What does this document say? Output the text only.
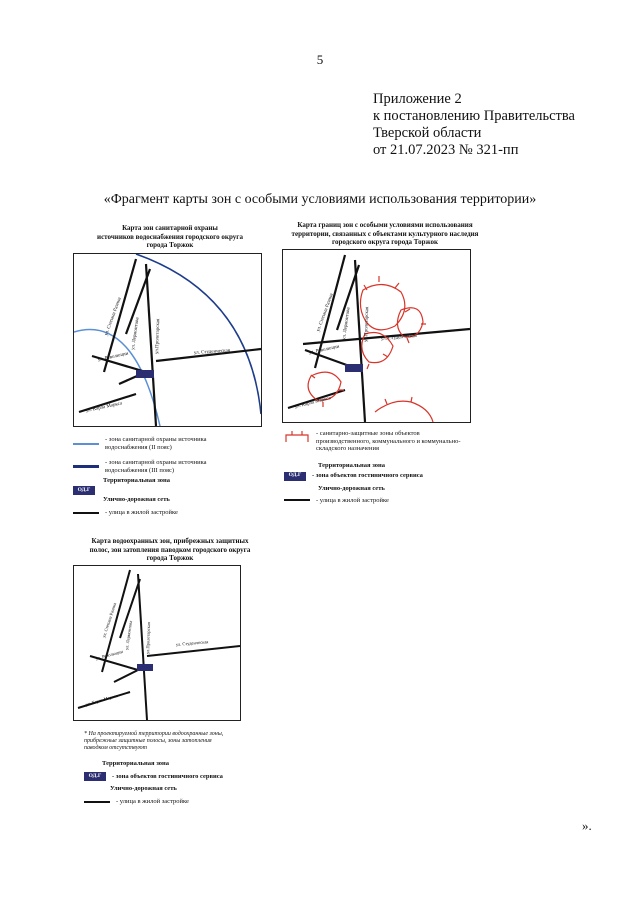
5
Приложение 2
к постановлению Правительства
Тверской области
от 21.07.2023 № 321-пп
«Фрагмент карты зон с особыми условиями использования территории»
Карта зон санитарной охраны
источников водоснабжения городского округа
города Торжок
ул. Степана Разина ул. Лермонтова	ул.Пролетарская	ул. Студенческая
ул. Революции
ул. Карла Маркса
- зона санитарной охраны источника
водоснабжения (II пояс)
- зона санитарной охраны источника
водоснабжения (III пояс)
Территориальная зона
ОД.Г
Улично-дорожная сеть
- улица в жилой застройке
Карта границ зон с особыми условиями использования
территории, связанных с объектами культурного наследия
городского округа города Торжок
ул. Степана Разина ул. Лермонтова ул.Пролетарская ул. Студенческая
ул. Революции
ул. Карла Маркса
- санитарно-защитные зоны объектов
производственного, коммунального и коммунально-
складского назначения
Территориальная зона
ОД.Г	- зона объектов гостиничного сервиса
Улично-дорожная сеть
- улица в жилой застройке
Карта водоохранных зон, прибрежных защитных
полос, зон затопления паводком городского округа
города Торжок
ул. Степана Разина ул. Лермонтова	ул.Пролетарская	ул. Студенческая
ул. Революции
ул. Карла Маркса
* На проектируемой территории водоохранные зоны,
прибрежные защитные полосы, зоны затопления
паводком отсутствуют
Территориальная зона
ОД.Г	- зона объектов гостиничного сервиса
Улично-дорожная сеть
- улица в жилой застройке
».
